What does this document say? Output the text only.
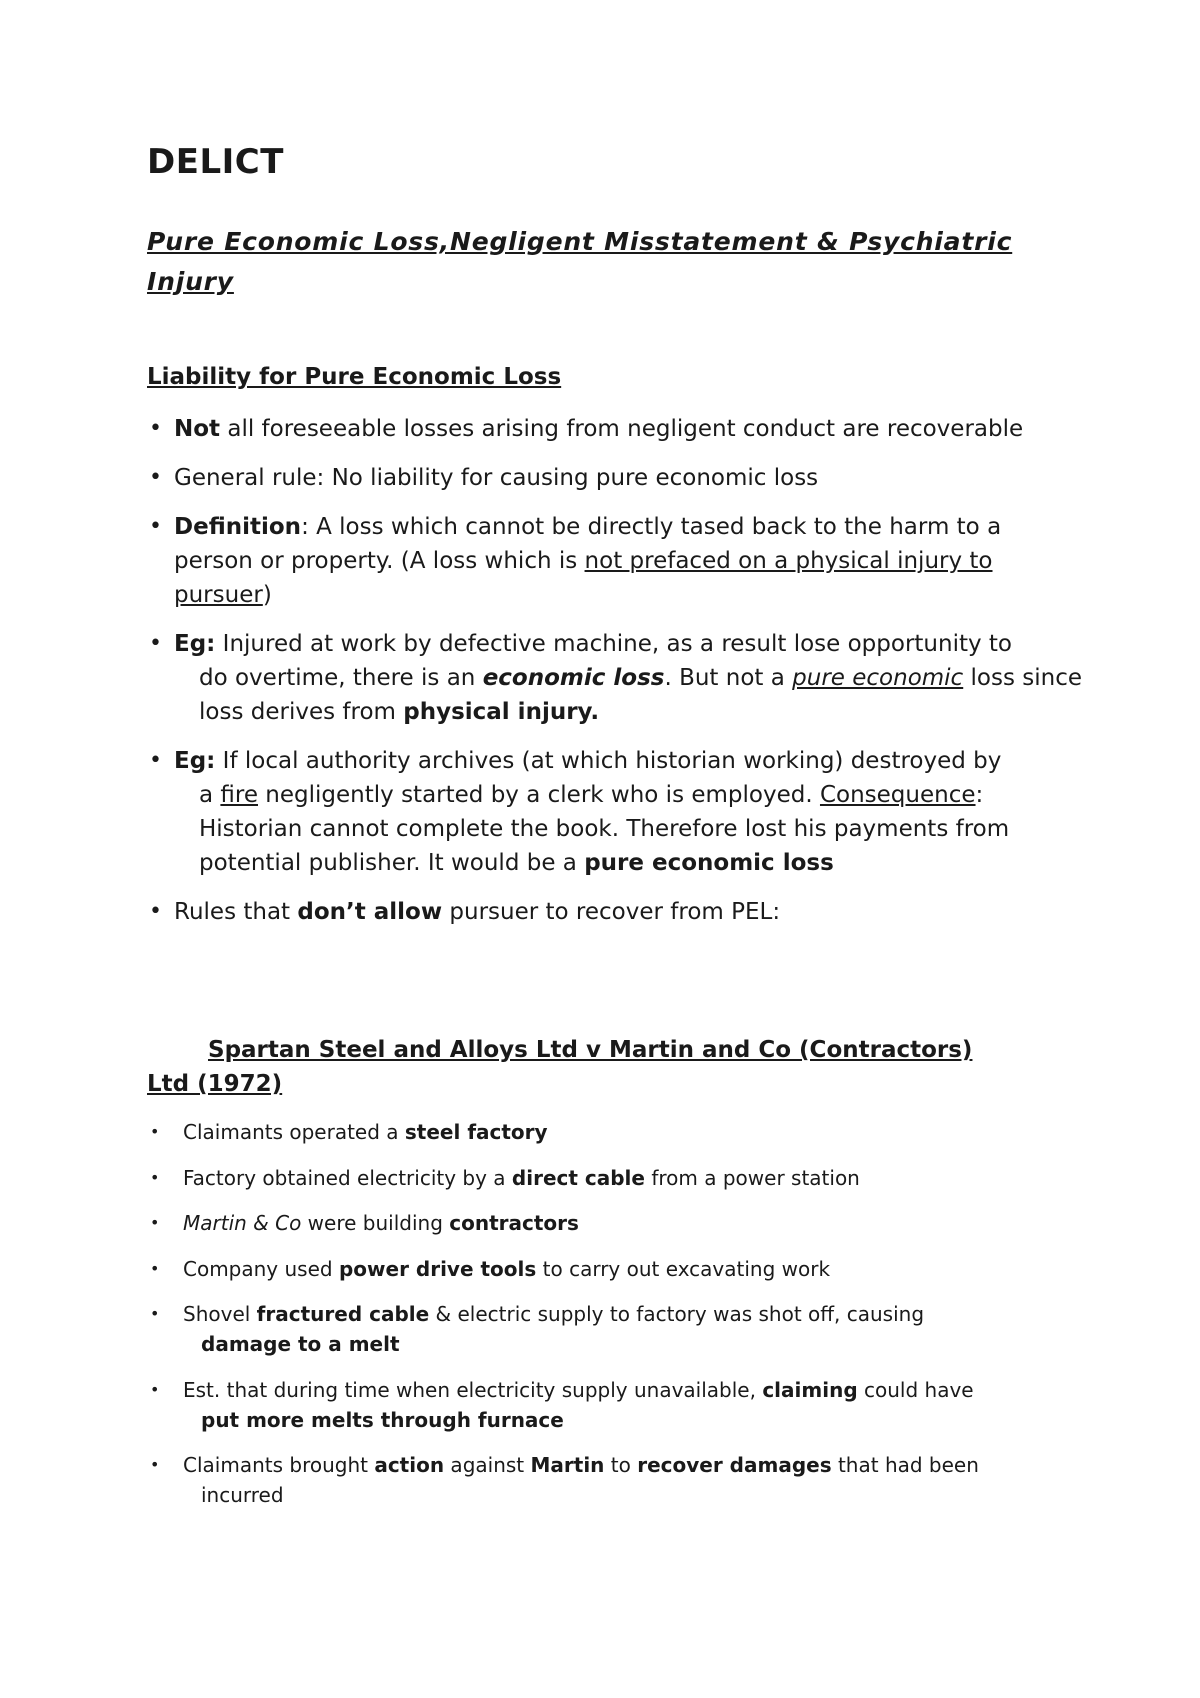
DELICT
Pure Economic Loss,Negligent Misstatement & Psychiatric Injury
Liability for Pure Economic Loss
• Not all foreseeable losses arising from negligent conduct are recoverable
• General rule: No liability for causing pure economic loss
• Definition: A loss which cannot be directly tased back to the harm to a person or property. (A loss which is not prefaced on a physical injury to pursuer)
• Eg: Injured at work by defective machine, as a result lose opportunity to
do overtime, there is an economic loss. But not a pure economic loss since loss derives from physical injury.
• Eg: If local authority archives (at which historian working) destroyed by
a fire negligently started by a clerk who is employed. Consequence: Historian cannot complete the book. Therefore lost his payments from potential publisher. It would be a pure economic loss
• Rules that don’t allow pursuer to recover from PEL:
Spartan Steel and Alloys Ltd v Martin and Co (Contractors)
Ltd (1972)
• Claimants operated a steel factory
• Factory obtained electricity by a direct cable from a power station
• Martin & Co were building contractors
• Company used power drive tools to carry out excavating work
• Shovel fractured cable & electric supply to factory was shot off, causing
damage to a melt
• Est. that during time when electricity supply unavailable, claiming could have
put more melts through furnace
• Claimants brought action against Martin to recover damages that had been
incurred
